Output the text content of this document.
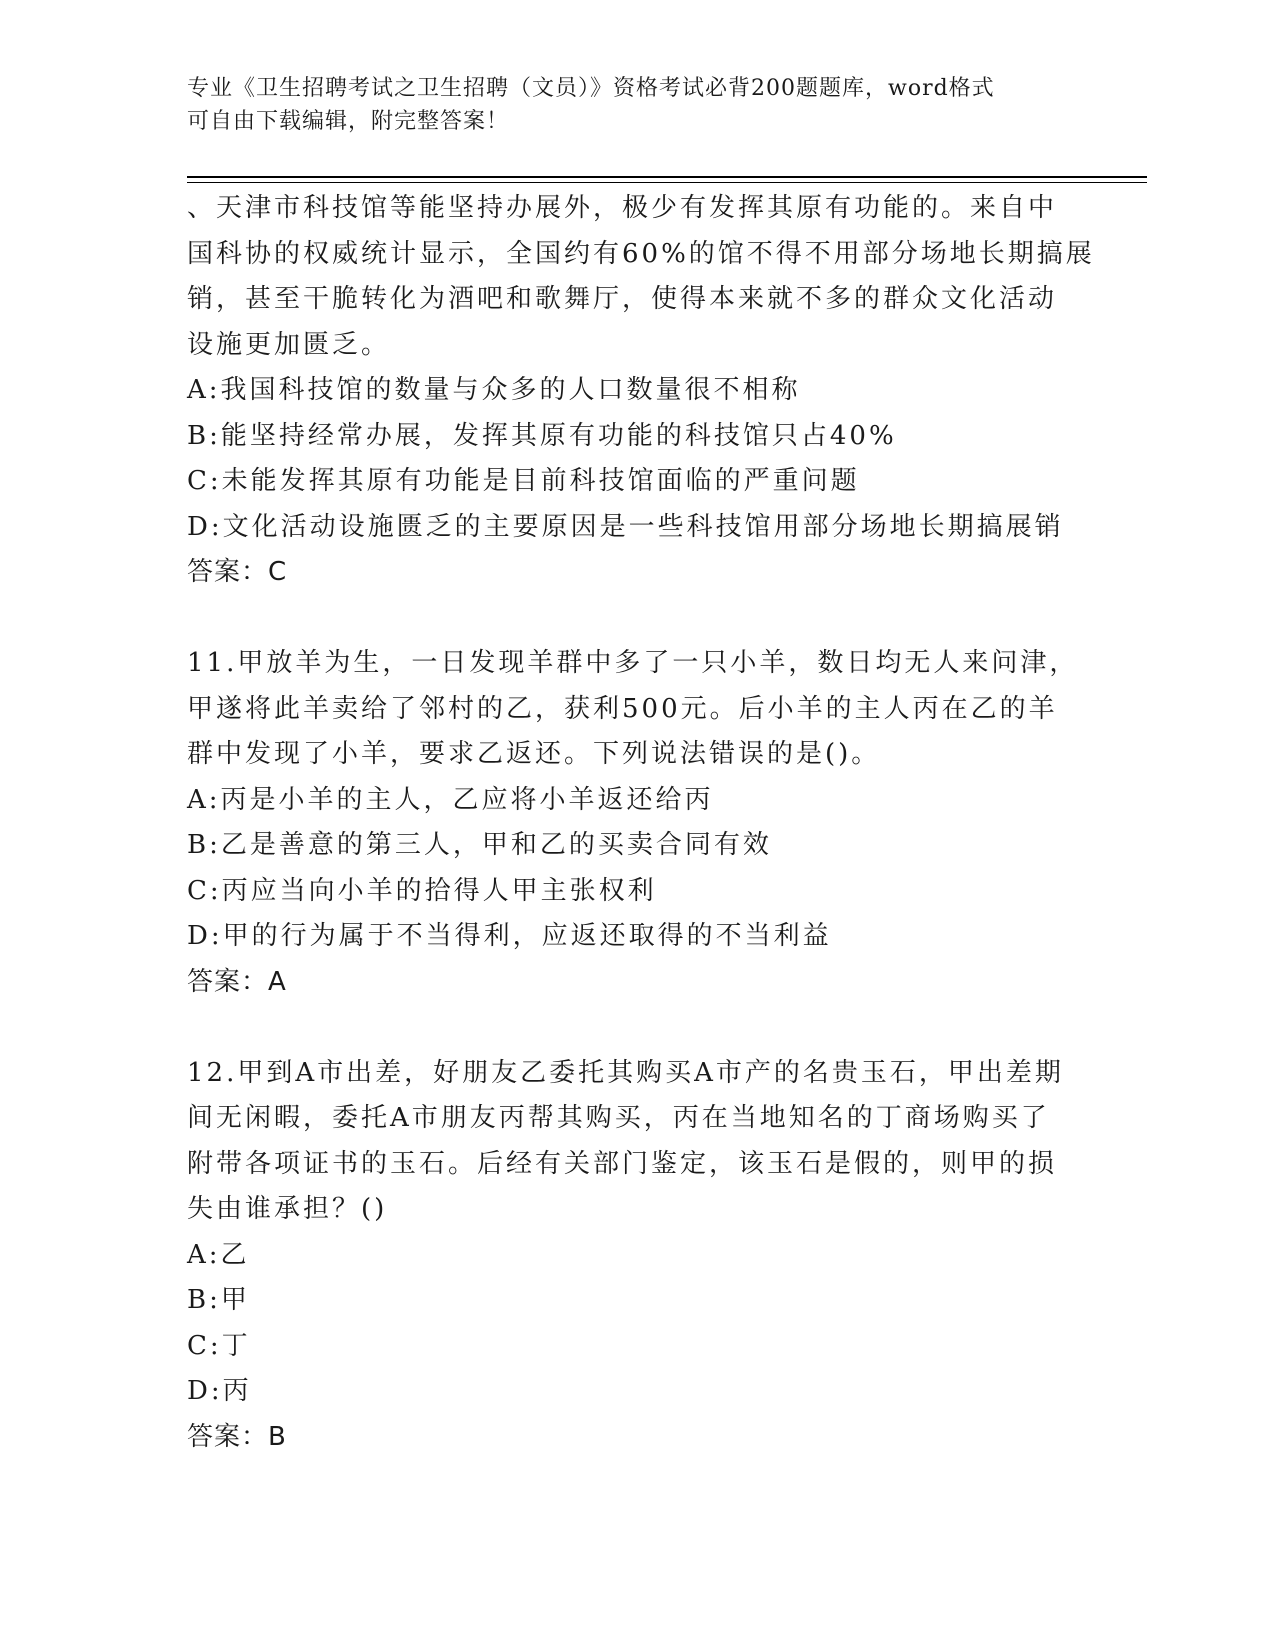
专业《卫生招聘考试之卫生招聘（文员）》资格考试必背200题题库，word格式
可自由下载编辑，附完整答案！
、天津市科技馆等能坚持办展外，极少有发挥其原有功能的。来自中
国科协的权威统计显示，全国约有60%的馆不得不用部分场地长期搞展
销，甚至干脆转化为酒吧和歌舞厅，使得本来就不多的群众文化活动
设施更加匮乏。
A:我国科技馆的数量与众多的人口数量很不相称
B:能坚持经常办展，发挥其原有功能的科技馆只占40%
C:未能发挥其原有功能是目前科技馆面临的严重问题
D:文化活动设施匮乏的主要原因是一些科技馆用部分场地长期搞展销
答案：C
11.甲放羊为生，一日发现羊群中多了一只小羊，数日均无人来问津，
甲遂将此羊卖给了邻村的乙，获利500元。后小羊的主人丙在乙的羊
群中发现了小羊，要求乙返还。下列说法错误的是()。
A:丙是小羊的主人，乙应将小羊返还给丙
B:乙是善意的第三人，甲和乙的买卖合同有效
C:丙应当向小羊的拾得人甲主张权利
D:甲的行为属于不当得利，应返还取得的不当利益
答案：A
12.甲到A市出差，好朋友乙委托其购买A市产的名贵玉石，甲出差期
间无闲暇，委托A市朋友丙帮其购买，丙在当地知名的丁商场购买了
附带各项证书的玉石。后经有关部门鉴定，该玉石是假的，则甲的损
失由谁承担？()
A:乙
B:甲
C:丁
D:丙
答案：B
